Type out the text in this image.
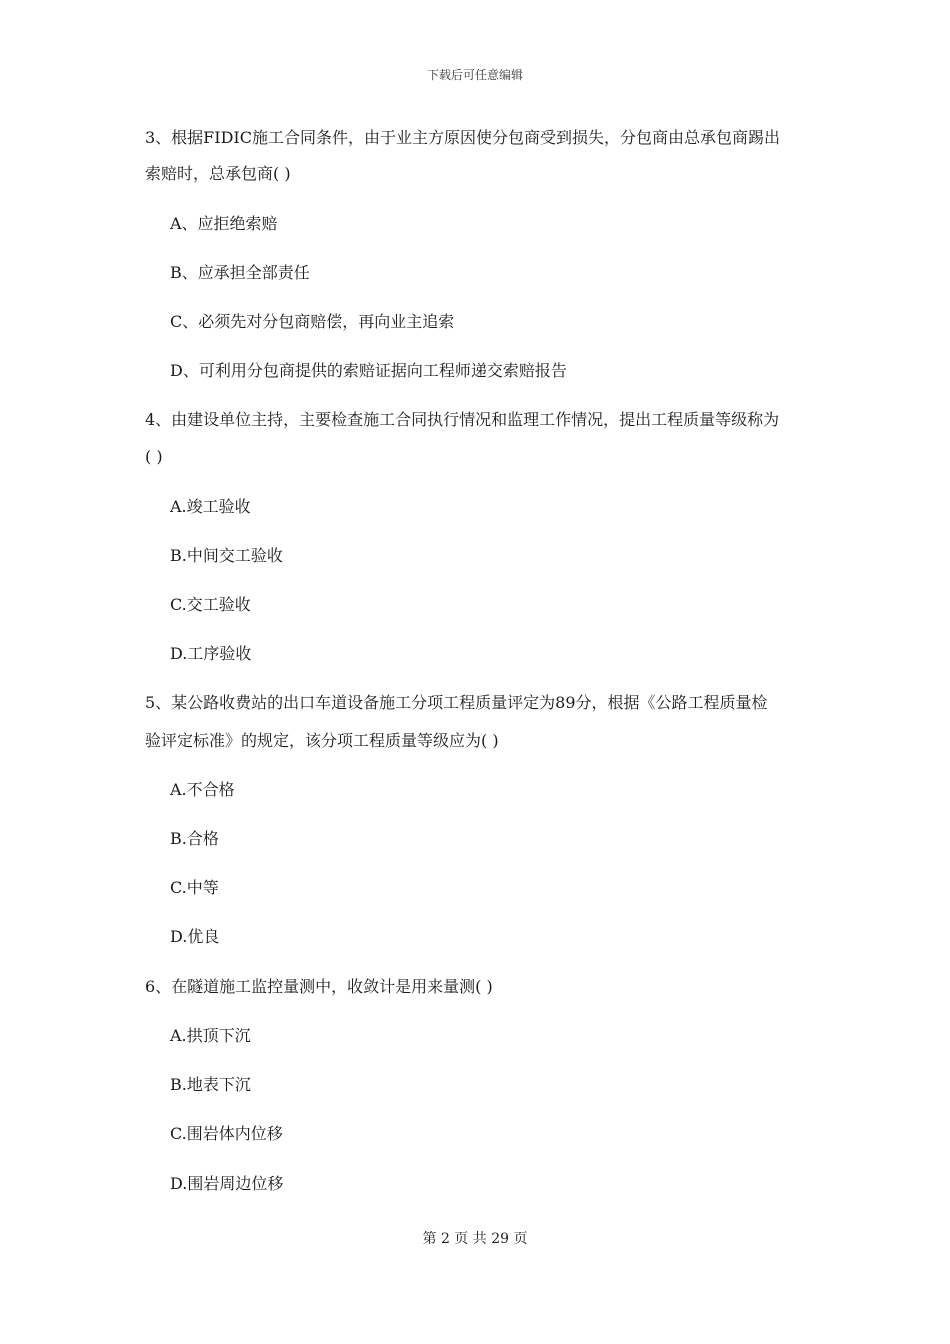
下载后可任意编辑
3、根据FIDIC施工合同条件，由于业主方原因使分包商受到损失，分包商由总承包商踢出
索赔时，总承包商( )
A、应拒绝索赔
B、应承担全部责任
C、必须先对分包商赔偿，再向业主追索
D、可利用分包商提供的索赔证据向工程师递交索赔报告
4、由建设单位主持，主要检查施工合同执行情况和监理工作情况，提出工程质量等级称为
( )
A.竣工验收
B.中间交工验收
C.交工验收
D.工序验收
5、某公路收费站的出口车道设备施工分项工程质量评定为89分，根据《公路工程质量检
验评定标准》的规定，该分项工程质量等级应为( )
A.不合格
B.合格
C.中等
D.优良
6、在隧道施工监控量测中，收敛计是用来量测( )
A.拱顶下沉
B.地表下沉
C.围岩体内位移
D.围岩周边位移
第 2 页 共 29 页
